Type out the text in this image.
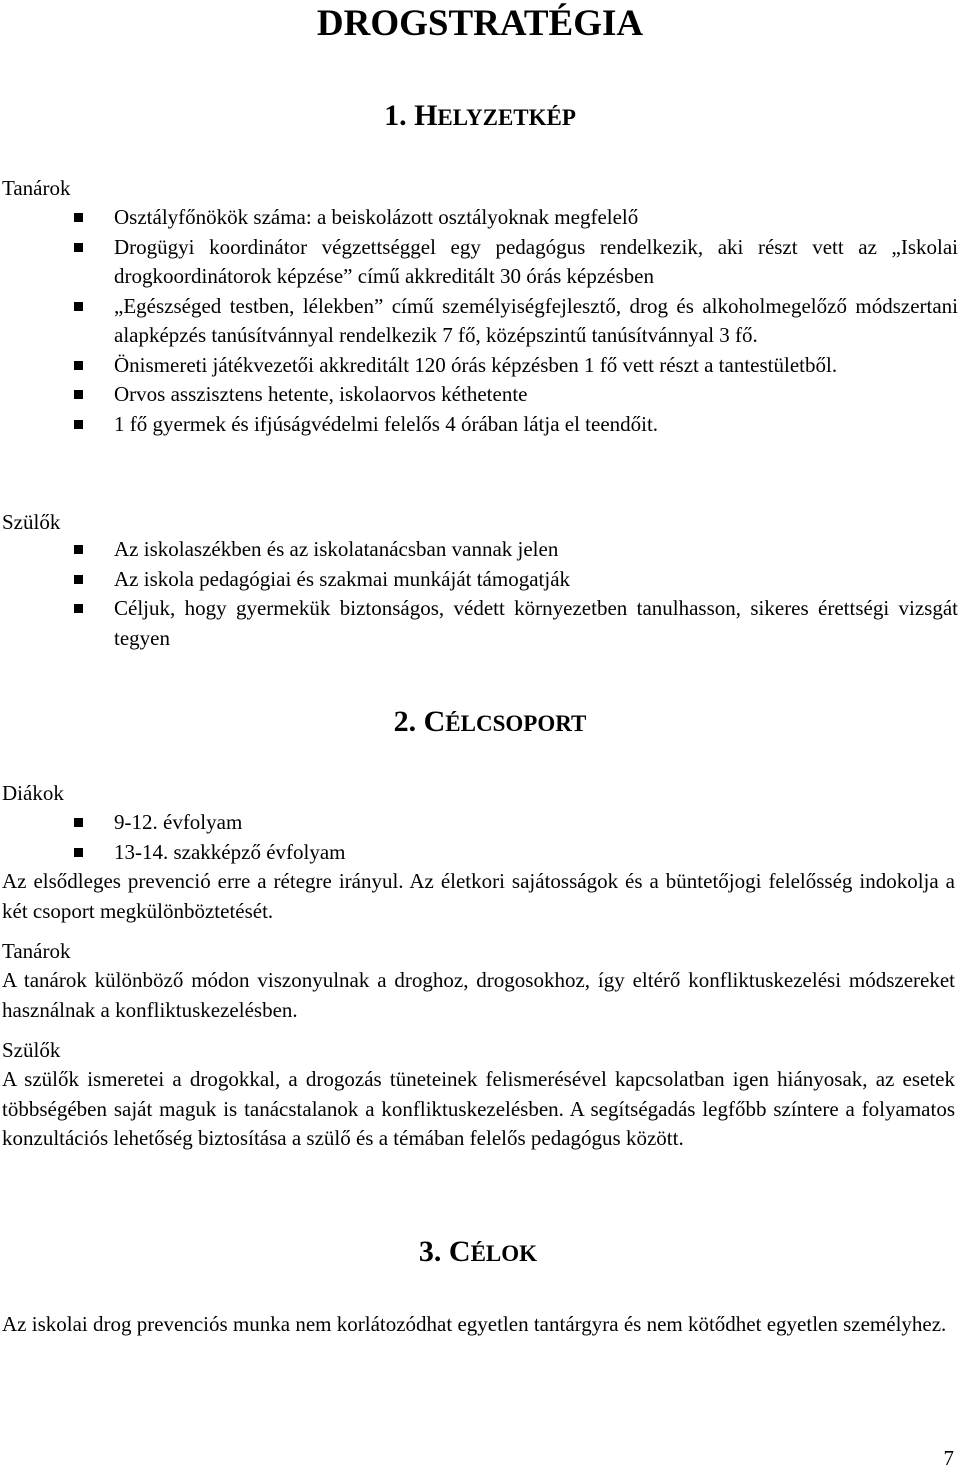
DROGSTRATÉGIA
1. HELYZETKÉP
Tanárok
Osztályfőnökök száma: a beiskolázott osztályoknak megfelelő
Drogügyi koordinátor végzettséggel egy pedagógus rendelkezik, aki részt vett az „Iskolai drogkoordinátorok képzése” című akkreditált 30 órás képzésben
„Egészséged testben, lélekben” című személyiségfejlesztő, drog és alkoholmegelőző módszertani alapképzés tanúsítvánnyal rendelkezik 7 fő, középszintű tanúsítvánnyal 3 fő.
Önismereti játékvezetői akkreditált 120 órás képzésben 1 fő vett részt a tantestületből.
Orvos asszisztens hetente, iskolaorvos kéthetente
1 fő gyermek és ifjúságvédelmi felelős 4 órában látja el teendőit.
Szülők
Az iskolaszékben és az iskolatanácsban vannak jelen
Az iskola pedagógiai és szakmai munkáját támogatják
Céljuk, hogy gyermekük biztonságos, védett környezetben tanulhasson, sikeres érettségi vizsgát tegyen
2. CÉLCSOPORT
Diákok
9-12. évfolyam
13-14. szakképző évfolyam

Az elsődleges prevenció erre a rétegre irányul. Az életkori sajátosságok és a büntetőjogi felelősség indokolja a két csoport megkülönböztetését.

Tanárok

A tanárok különböző módon viszonyulnak a droghoz, drogosokhoz, így eltérő konfliktuskezelési módszereket használnak a konfliktuskezelésben.

Szülők

A szülők ismeretei a drogokkal, a drogozás tüneteinek felismerésével kapcsolatban igen hiányosak, az esetek többségében saját maguk is tanácstalanok a konfliktuskezelésben. A segítségadás legfőbb színtere a folyamatos konzultációs lehetőség biztosítása a szülő és a témában felelős pedagógus között.

3. CÉLOK

Az iskolai drog prevenciós munka nem korlátozódhat egyetlen tantárgyra és nem kötődhet egyetlen személyhez.

7
